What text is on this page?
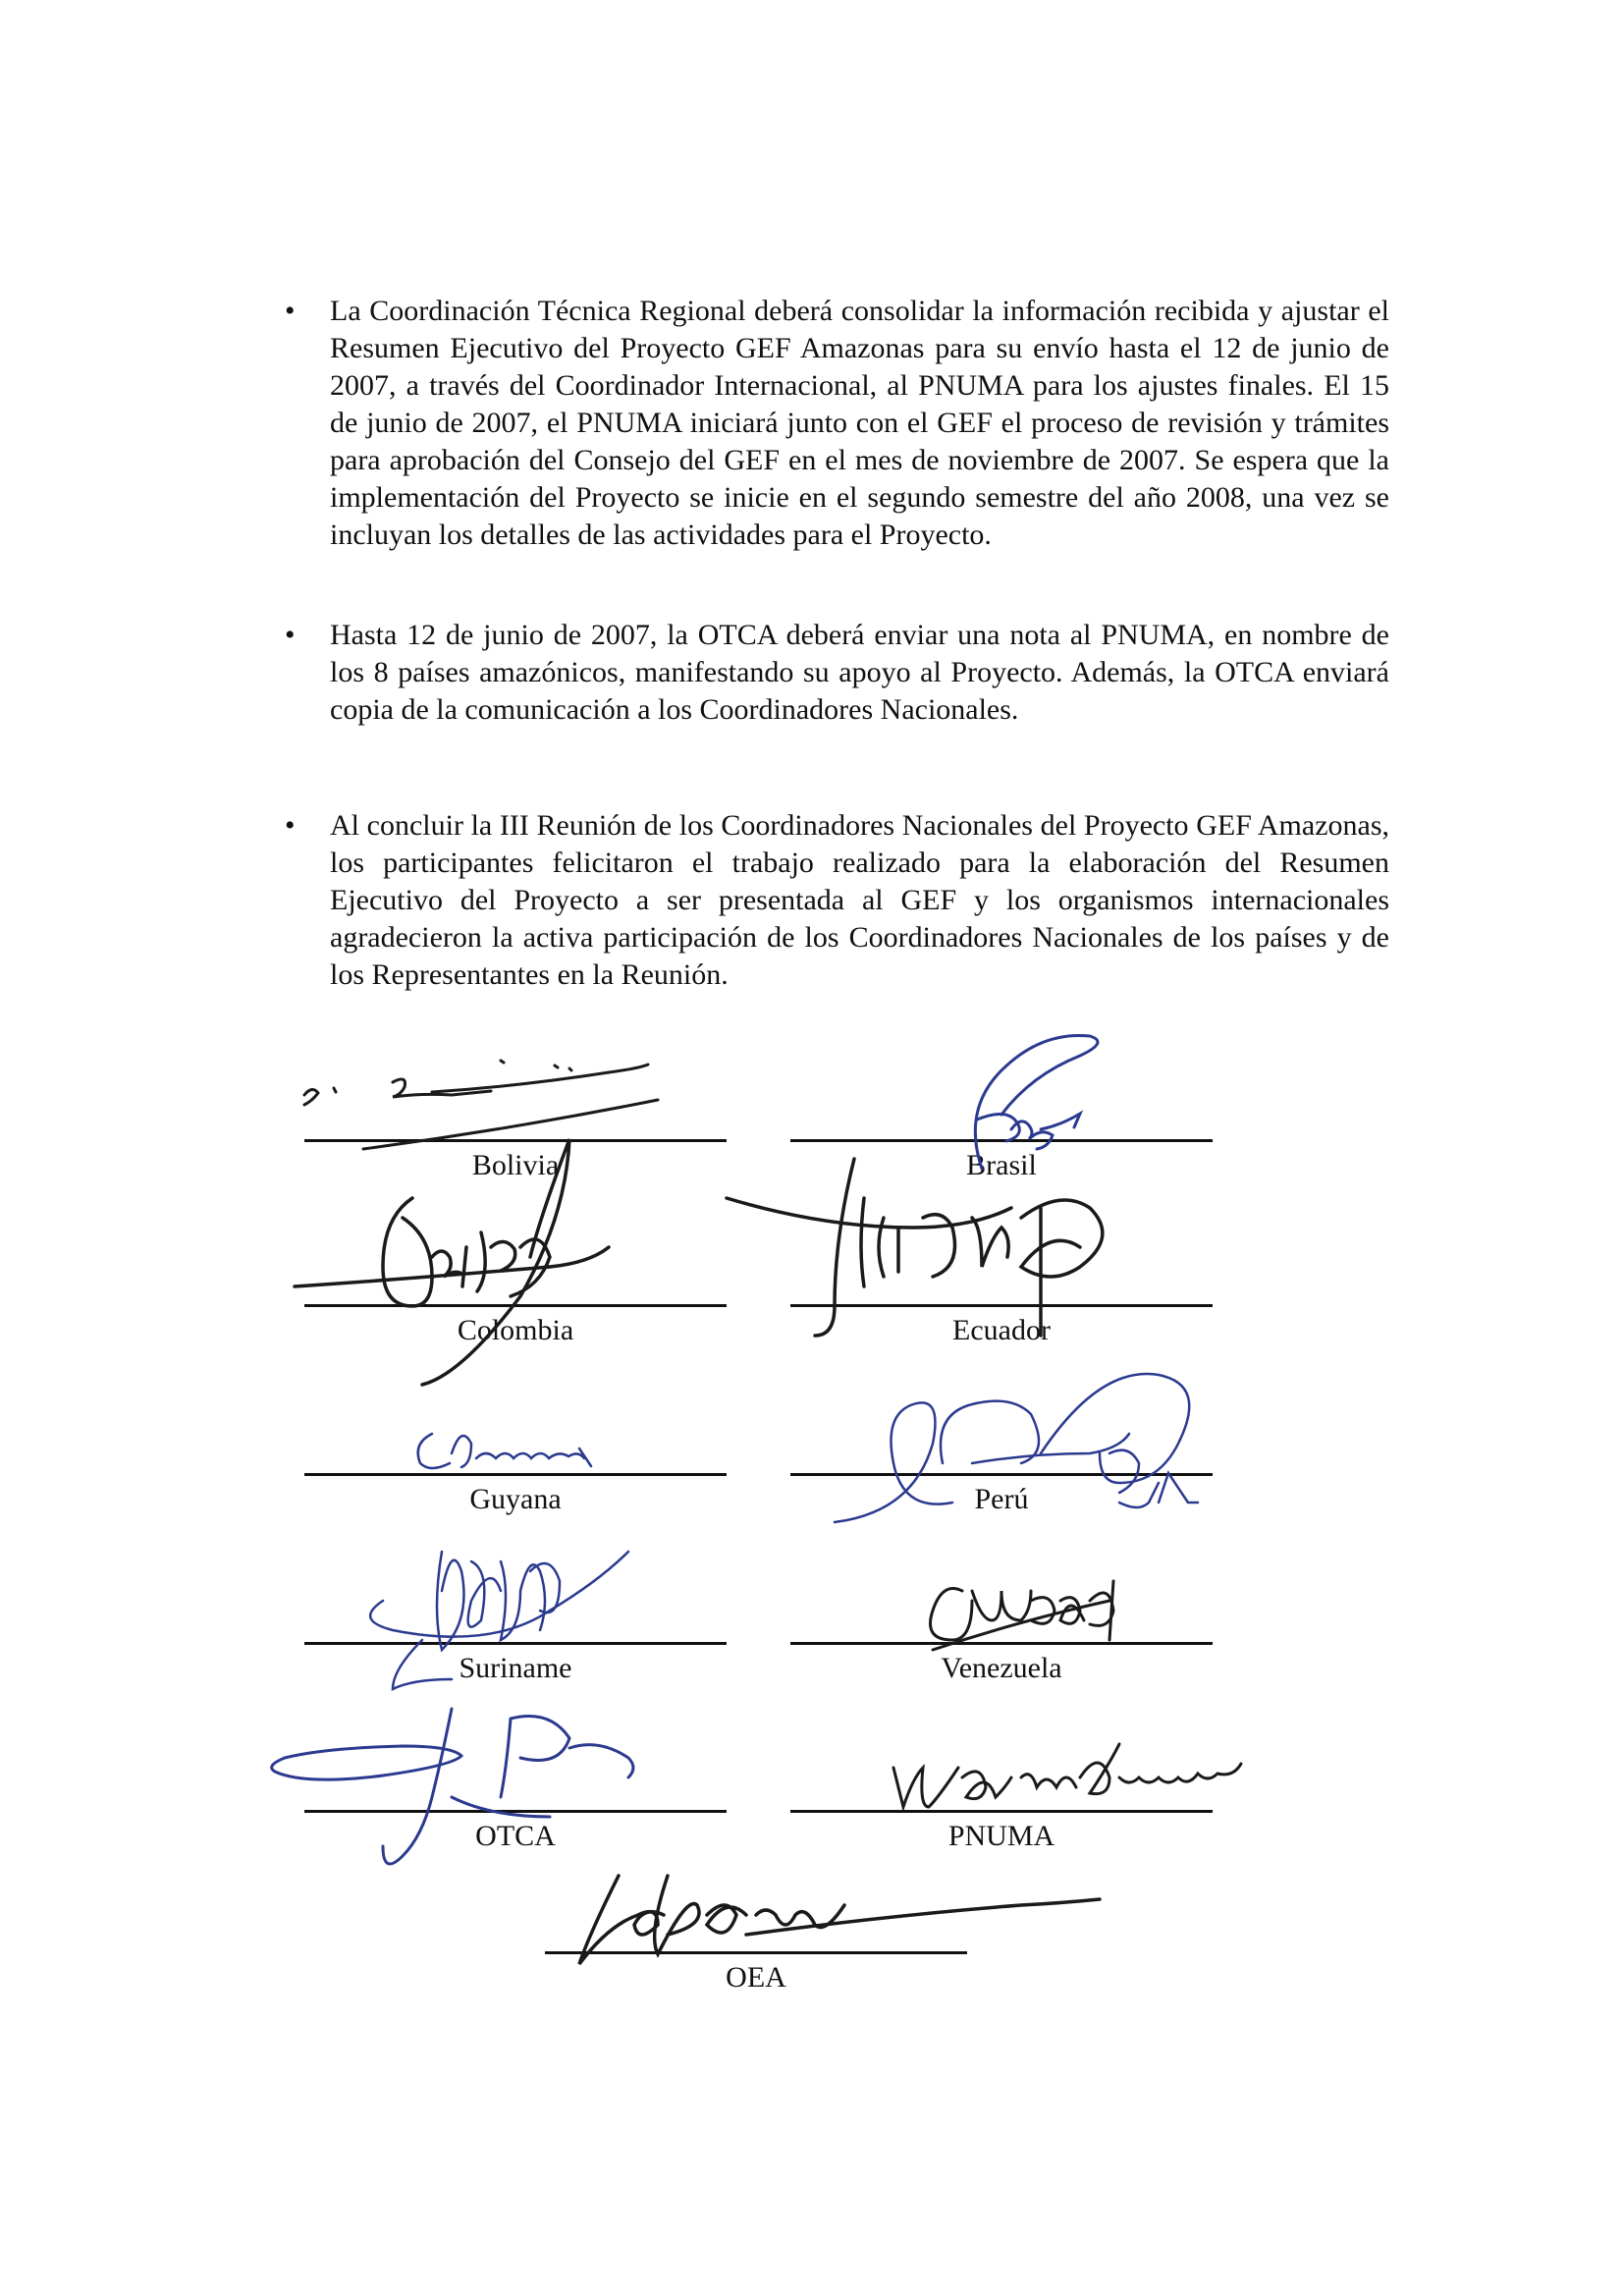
• La Coordinación Técnica Regional deberá consolidar la información recibida y ajustar el Resumen Ejecutivo del Proyecto GEF Amazonas para su envío hasta el 12 de junio de 2007, a través del Coordinador Internacional, al PNUMA para los ajustes finales. El 15 de junio de 2007, el PNUMA iniciará junto con el GEF el proceso de revisión y trámites para aprobación del Consejo del GEF en el mes de noviembre de 2007. Se espera que la implementación del Proyecto se inicie en el segundo semestre del año 2008, una vez se incluyan los detalles de las actividades para el Proyecto.
• Hasta 12 de junio de 2007, la OTCA deberá enviar una nota al PNUMA, en nombre de los 8 países amazónicos, manifestando su apoyo al Proyecto. Además, la OTCA enviará copia de la comunicación a los Coordinadores Nacionales.
• Al concluir la III Reunión de los Coordinadores Nacionales del Proyecto GEF Amazonas, los participantes felicitaron el trabajo realizado para la elaboración del Resumen Ejecutivo del Proyecto a ser presentada al GEF y los organismos internacionales agradecieron la activa participación de los Coordinadores Nacionales de los países y de los Representantes en la Reunión.
Bolivia	Brasil
Colombia	Ecuador
Guyana	Perú
Suriname	Venezuela
OTCA	PNUMA
OEA
